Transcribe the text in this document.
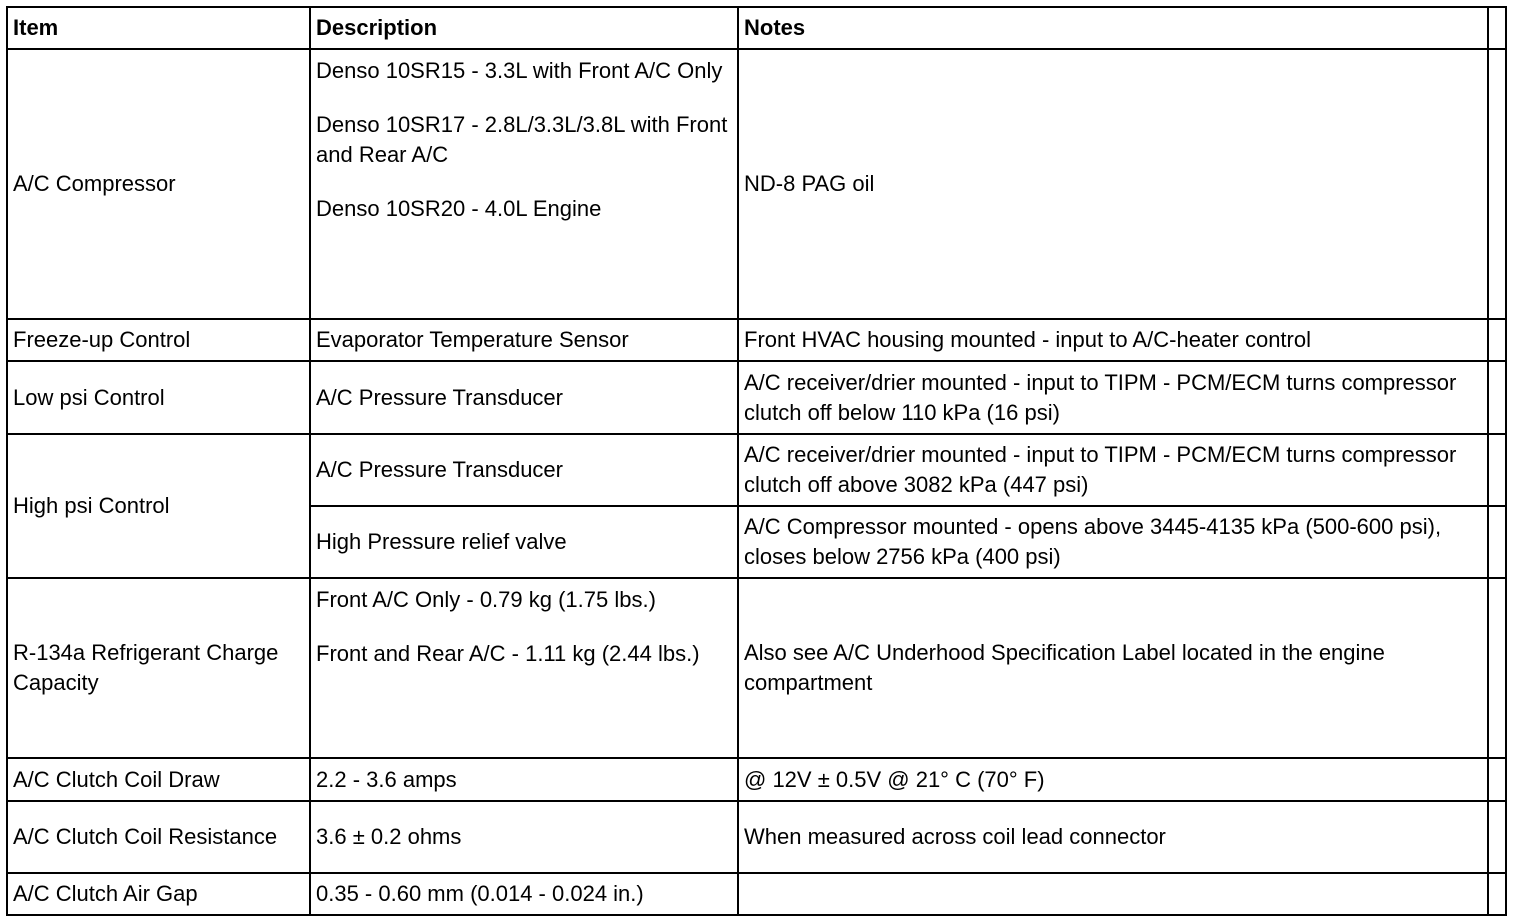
Item	Description	Notes	
A/C Compressor	Denso 10SR15 - 3.3L with Front A/C Only

Denso 10SR17 - 2.8L/3.3L/3.8L with Front and Rear A/C

Denso 10SR20 - 4.0L Engine	ND-8 PAG oil	
Freeze-up Control	Evaporator Temperature Sensor	Front HVAC housing mounted - input to A/C-heater control	
Low psi Control	A/C Pressure Transducer	A/C receiver/drier mounted - input to TIPM - PCM/ECM turns compressor clutch off below 110 kPa (16 psi)	
High psi Control	A/C Pressure Transducer	A/C receiver/drier mounted - input to TIPM - PCM/ECM turns compressor clutch off above 3082 kPa (447 psi)	
	High Pressure relief valve	A/C Compressor mounted - opens above 3445-4135 kPa (500-600 psi), closes below 2756 kPa (400 psi)	
R-134a Refrigerant Charge Capacity	Front A/C Only - 0.79 kg (1.75 lbs.)

Front and Rear A/C - 1.11 kg (2.44 lbs.)	Also see A/C Underhood Specification Label located in the engine compartment	
A/C Clutch Coil Draw	2.2 - 3.6 amps	@ 12V ± 0.5V @ 21° C (70° F)	
A/C Clutch Coil Resistance	3.6 ± 0.2 ohms	When measured across coil lead connector	
A/C Clutch Air Gap	0.35 - 0.60 mm (0.014 - 0.024 in.)		
